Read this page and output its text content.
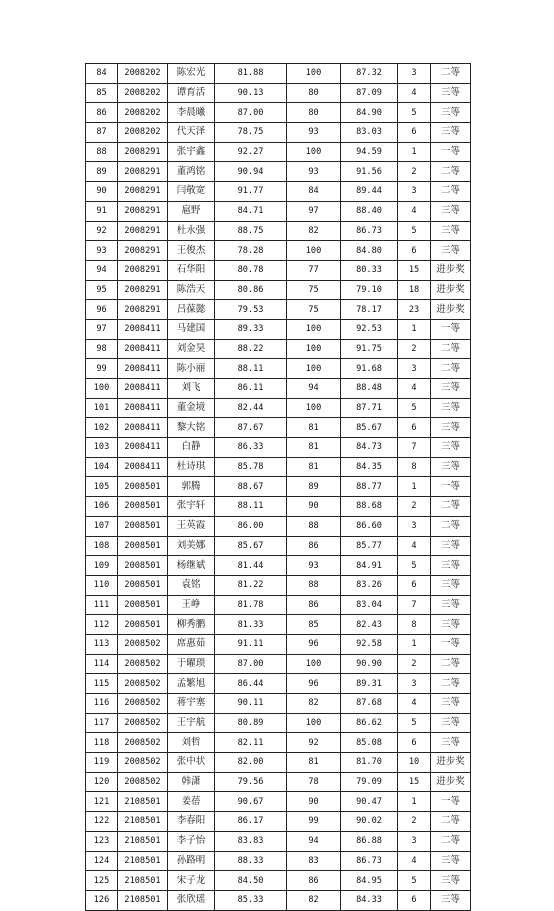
84	2008202	陈宏光	81.88	100	87.32	3	二等
85	2008202	谭育活	90.13	80	87.09	4	三等
86	2008202	李晨曦	87.00	80	84.90	5	三等
87	2008202	代天泽	78.75	93	83.03	6	三等
88	2008291	张宇鑫	92.27	100	94.59	1	一等
89	2008291	董鸿铭	90.94	93	91.56	2	二等
90	2008291	闫敬宽	91.77	84	89.44	3	二等
91	2008291	扈野	84.71	97	88.40	4	三等
92	2008291	杜永强	88.75	82	86.73	5	三等
93	2008291	王俊杰	78.28	100	84.80	6	三等
94	2008291	石华阳	80.78	77	80.33	15	进步奖
95	2008291	陈浩天	80.86	75	79.10	18	进步奖
96	2008291	吕葆懿	79.53	75	78.17	23	进步奖
97	2008411	马建国	89.33	100	92.53	1	一等
98	2008411	刘金昊	88.22	100	91.75	2	二等
99	2008411	陈小丽	88.11	100	91.68	3	二等
100	2008411	刘飞	86.11	94	88.48	4	三等
101	2008411	董金境	82.44	100	87.71	5	三等
102	2008411	黎大铭	87.67	81	85.67	6	三等
103	2008411	白静	86.33	81	84.73	7	三等
104	2008411	杜诗琪	85.78	81	84.35	8	三等
105	2008501	郭腾	88.67	89	88.77	1	一等
106	2008501	张宇轩	88.11	90	88.68	2	二等
107	2008501	王英霞	86.00	88	86.60	3	二等
108	2008501	刘美娜	85.67	86	85.77	4	三等
109	2008501	杨继斌	81.44	93	84.91	5	三等
110	2008501	袁铭	81.22	88	83.26	6	三等
111	2008501	王峥	81.78	86	83.04	7	三等
112	2008501	柳秀鹏	81.33	85	82.43	8	三等
113	2008502	席惠茹	91.11	96	92.58	1	一等
114	2008502	于曜琐	87.00	100	90.90	2	二等
115	2008502	孟繁旭	86.44	96	89.31	3	二等
116	2008502	蒋宇塞	90.11	82	87.68	4	三等
117	2008502	王宇航	80.89	100	86.62	5	三等
118	2008502	刘哲	82.11	92	85.08	6	三等
119	2008502	张中状	82.00	81	81.70	10	进步奖
120	2008502	韩潇	79.56	78	79.09	15	进步奖
121	2108501	姜蓓	90.67	90	90.47	1	一等
122	2108501	李春阳	86.17	99	90.02	2	二等
123	2108501	李子怡	83.83	94	86.88	3	二等
124	2108501	孙路明	88.33	83	86.73	4	三等
125	2108501	宋子龙	84.50	86	84.95	5	三等
126	2108501	张欣瑶	85.33	82	84.33	6	三等
